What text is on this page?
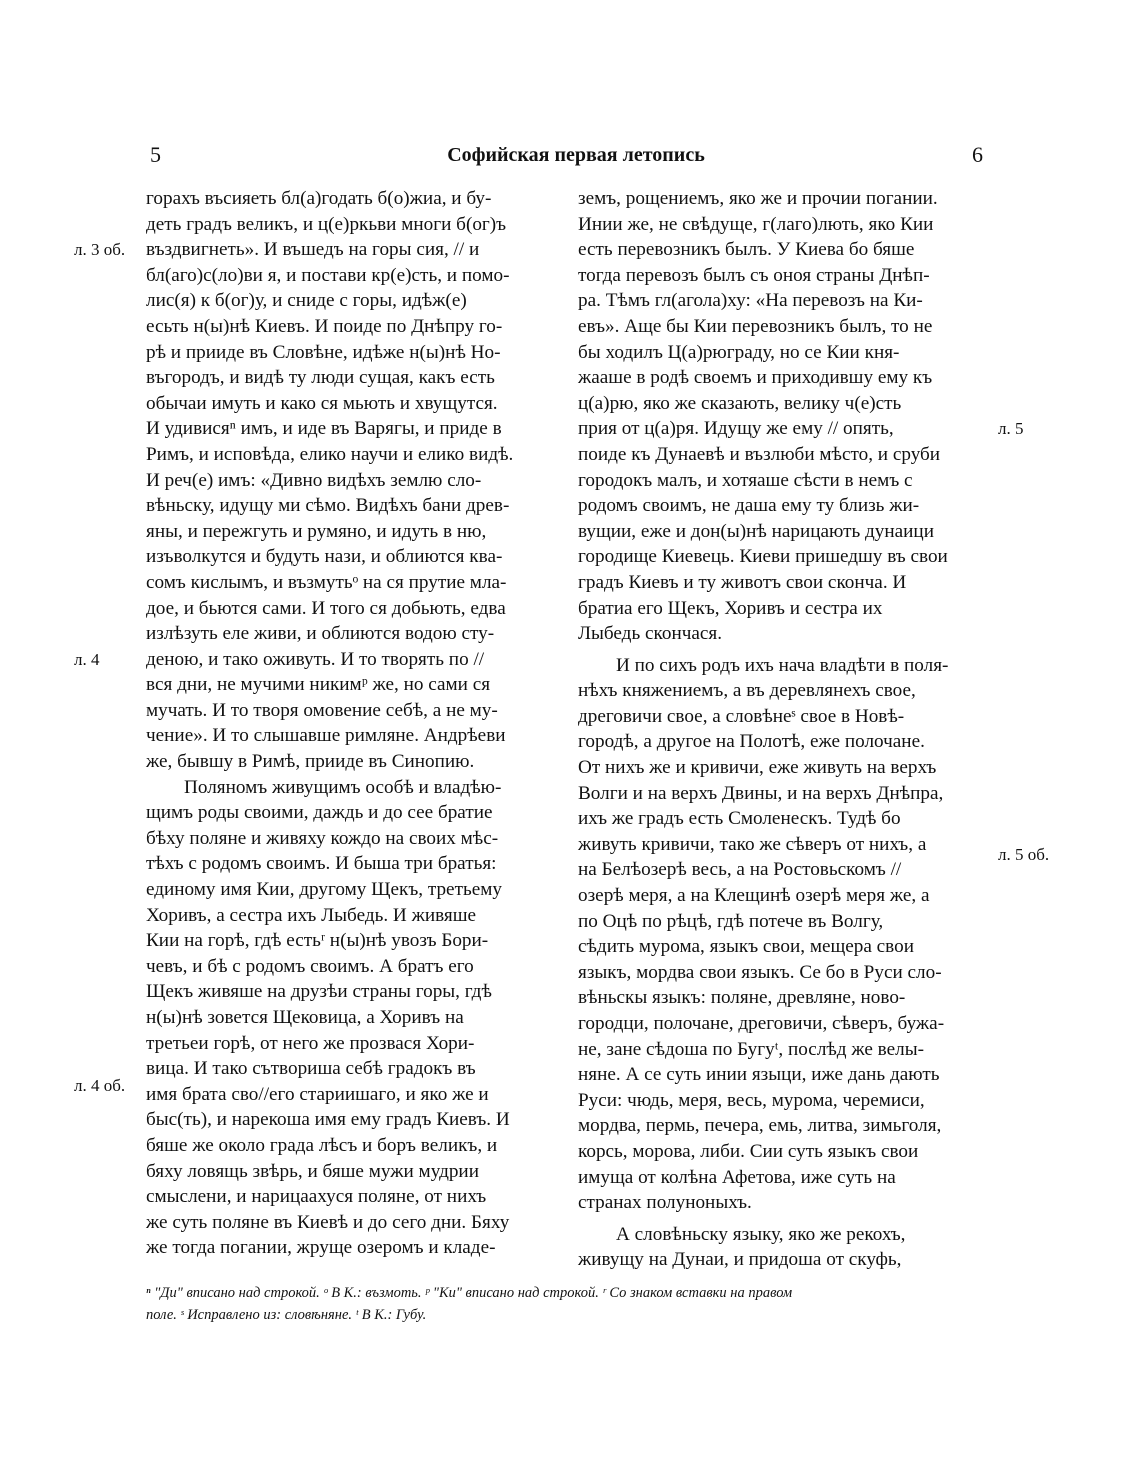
5	Софийская первая летопись	6
л. 3 об.
л. 4
л. 4 об.
л. 5
л. 5 об.
горахъ въсияеть бл(а)годать б(о)жиа, и бу-
деть градъ великъ, и ц(е)ркьви многи б(ог)ъ
въздвигнеть». И въшедъ на горы сия, // и
бл(аго)с(ло)ви я, и постави кр(е)сть, и помо-
лис(я) к б(ог)у, и сниде с горы, идѣж(е)
есьть н(ы)нѣ Киевъ. И поиде по Днѣпру го-
рѣ и прииде въ Словѣне, идѣже н(ы)нѣ Но-
въгородъ, и видѣ ту люди сущая, какъ есть
обычаи имуть и како ся мьють и хвущутся.
И удивисяⁿ имъ, и иде въ Варягы, и приде в
Римъ, и исповѣда, елико научи и елико видѣ.
И реч(е) имъ: «Дивно видѣхъ землю сло-
вѣньску, идущу ми сѣмо. Видѣхъ бани древ-
яны, и пережгуть и румяно, и идуть в ню,
изъволкутся и будуть нази, и облиются ква-
сомъ кислымъ, и възмутьᵒ на ся прутие мла-
дое, и бьются сами. И того ся добьють, едва
излѣзуть еле живи, и облиются водою сту-
деною, и тако оживуть. И то творять по //
вся дни, не мучими никимᵖ же, но сами ся
мучать. И то творя омовение себѣ, а не му-
чение». И то слышавше римляне. Андрѣеви
же, бывшу в Римѣ, прииде въ Синопию.
Поляномъ живущимъ особѣ и владѣю-
щимъ роды своими, даждь и до сее братие
бѣху поляне и живяху кождо на своих мѣс-
тѣхъ с родомъ своимъ. И быша три братья:
единому имя Кии, другому Щекъ, третьему
Хоривъ, а сестра ихъ Лыбедь. И живяше
Кии на горѣ, гдѣ естьʳ н(ы)нѣ увозъ Бори-
чевъ, и бѣ с родомъ своимъ. А братъ его
Щекъ живяше на друзѣи страны горы, гдѣ
н(ы)нѣ зовется Щековица, а Хоривъ на
третьеи горѣ, от него же прозвася Хори-
вица. И тако сътвориша себѣ градокъ въ
имя брата сво//его стариишагo, и яко же и
быс(ть), и нарекоша имя ему градъ Киевъ. И
бяше же около града лѣсъ и боръ великъ, и
бяху ловящь звѣрь, и бяше мужи мудрии
смыслени, и нарицаахуся поляне, от нихъ
же суть поляне въ Киевѣ и до сего дни. Бяху
же тогда погании, жруще озеромъ и кладе-
земъ, рощениемъ, яко же и прочии погании.
Инии же, не свѣдуще, г(лаго)лють, яко Кии
есть перевозникъ былъ. У Киева бо бяше
тогда перевозъ былъ съ оноя страны Днѣп-
ра. Тѣмъ гл(агола)ху: «На перевозъ на Ки-
евъ». Аще бы Кии перевозникъ былъ, то не
бы ходилъ Ц(а)рюграду, но се Кии кня-
жааше в родѣ своемъ и приходившу ему къ
ц(а)рю, яко же сказають, велику ч(е)сть
прия от ц(а)ря. Идущу же ему // опять,
поиде къ Дунаевѣ и възлюби мѣсто, и сруби
городокъ малъ, и хотяаше сѣсти в немъ с
родомъ своимъ, не даша ему ту близь жи-
вущии, еже и дон(ы)нѣ нарицають дунаици
городище Киевець. Киеви пришедшу въ свои
градъ Киевъ и ту животъ свои скончa. И
братиа его Щекъ, Хоривъ и сестра их
Лыбедь скончася.
И по сихъ родъ ихъ нача владѣти в поля-
нѣхъ княжениемъ, а въ деревлянехъ свое,
дреговичи свое, а словѣнеˢ свое в Новѣ-
городѣ, а другое на Полотѣ, еже полочане.
От нихъ же и кривичи, еже живуть на верхъ
Волги и на верхъ Двины, и на верхъ Днѣпра,
ихъ же градъ есть Смоленескъ. Тудѣ бо
живуть кривичи, тако же сѣверъ от нихъ, а
на Белѣозерѣ весь, а на Ростовьскомъ //
озерѣ меря, а на Клещинѣ озерѣ меря же, а
по Оцѣ по рѣцѣ, гдѣ потече въ Волгу,
сѣдить мурома, языкъ свои, мещера свои
языкъ, мордва свои языкъ. Се бо в Руси сло-
вѣньскы языкъ: поляне, древляне, ново-
городци, полочане, дреговичи, сѣверъ, бужа-
не, зане сѣдоша по Бугуᵗ, послѣд же велы-
няне. А се суть инии языци, иже дань дають
Руси: чюдь, меря, весь, мурома, черемиси,
мордва, пермь, печера, емь, литва, зимьголя,
корсь, морова, либи. Сии суть языкъ свои
имуща от колѣна Афетова, иже суть на
странах полуноныхъ.
А словѣньску языку, яко же рекохъ,
живущу на Дунаи, и придоша от скуфь,
ⁿ "Ди" вписано над строкой. ᵒ В К.: възмоть. ᵖ "Ки" вписано над строкой. ʳ Со знаком вставки на правом
поле. ˢ Исправлено из: словѣняне. ᵗ В К.: Губу.
